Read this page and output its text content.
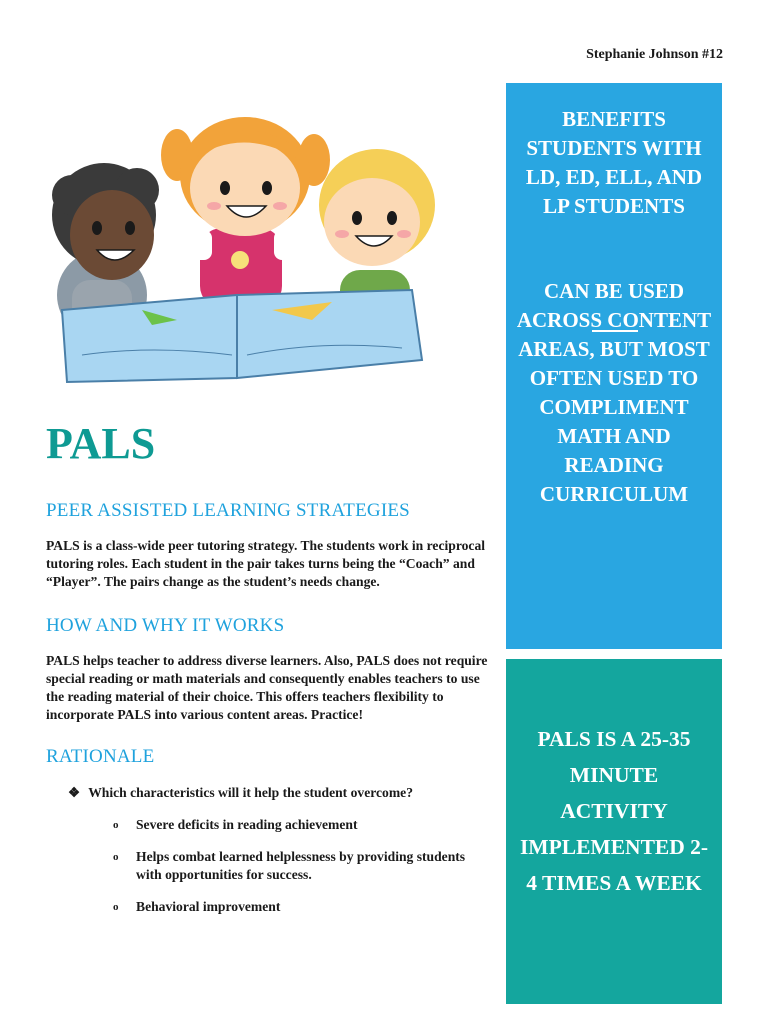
Stephanie Johnson #12
PALS
PEER ASSISTED LEARNING STRATEGIES

PALS is a class-wide peer tutoring strategy. The students work in reciprocal tutoring roles. Each student in the pair takes turns being the “Coach” and “Player”. The pairs change as the student’s needs change.

HOW AND WHY IT WORKS

PALS helps teacher to address diverse learners. Also, PALS does not require special reading or math materials and consequently enables teachers to use the reading material of their choice. This offers teachers flexibility to incorporate PALS into various content areas. Practice!

RATIONALE
❖ Which characteristics will it help the student overcome?
o Severe deficits in reading achievement
o Helps combat learned helplessness by providing students with opportunities for success.
o Behavioral improvement
BENEFITS STUDENTS WITH LD, ED, ELL, AND LP STUDENTS
CAN BE USED ACROSS CONTENT AREAS, BUT MOST OFTEN USED TO COMPLIMENT MATH AND READING CURRICULUM
PALS IS A 25-35 MINUTE ACTIVITY IMPLEMENTED 2-4 TIMES A WEEK
